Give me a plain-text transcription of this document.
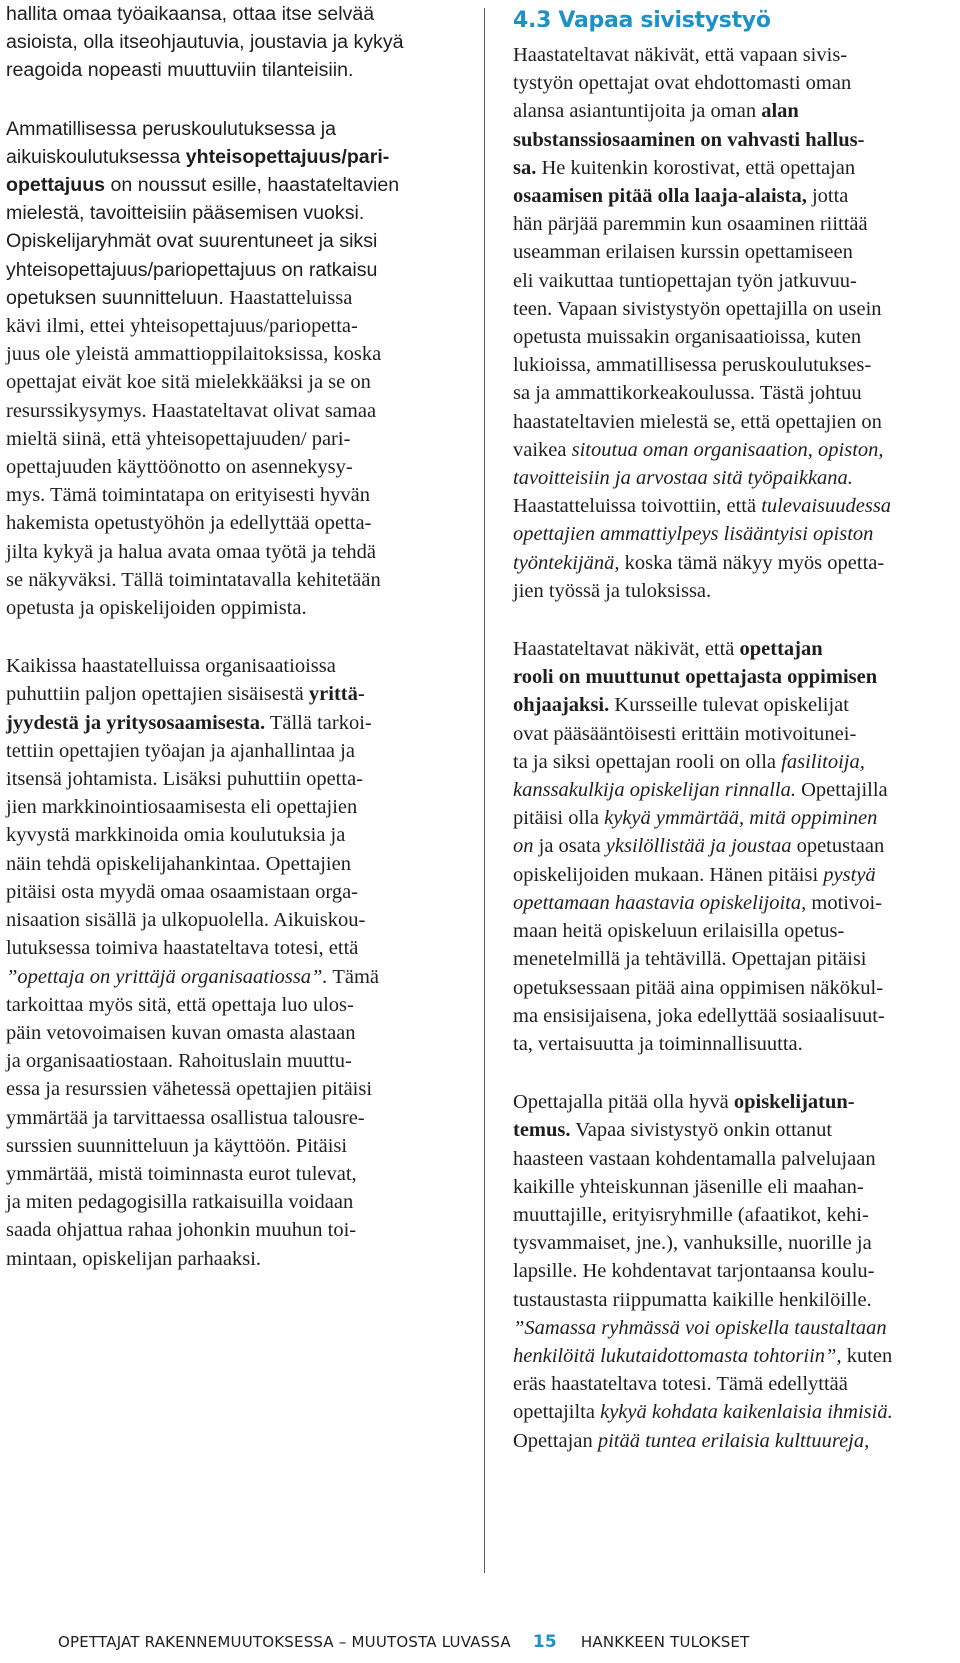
hallita omaa työaikaansa, ottaa itse selvää
asioista, olla itseohjautuvia, joustavia ja kykyä
reagoida nopeasti muuttuviin tilanteisiin.

Ammatillisessa peruskoulutuksessa ja
aikuiskoulutuksessa yhteisopettajuus/pari-
opettajuus on noussut esille, haastateltavien
mielestä, tavoitteisiin pääsemisen vuoksi.
Opiskelijaryhmät ovat suurentuneet ja siksi
yhteisopettajuus/pariopettajuus on ratkaisu
opetuksen suunnitteluun. Haastatteluissa
kävi ilmi, ettei yhteisopettajuus/pariopetta-
juus ole yleistä ammattioppilaitoksissa, koska
opettajat eivät koe sitä mielekkääksi ja se on
resurssikysymys. Haastateltavat olivat samaa
mieltä siinä, että yhteisopettajuuden/ pari-
opettajuuden käyttöönotto on asennekysy-
mys. Tämä toimintatapa on erityisesti hyvän
hakemista opetustyöhön ja edellyttää opetta-
jilta kykyä ja halua avata omaa työtä ja tehdä
se näkyväksi. Tällä toimintatavalla kehitetään
opetusta ja opiskelijoiden oppimista.

Kaikissa haastatelluissa organisaatioissa
puhuttiin paljon opettajien sisäisestä yrittä-
jyydestä ja yritysosaamisesta. Tällä tarkoi-
tettiin opettajien työajan ja ajanhallintaa ja
itsensä johtamista. Lisäksi puhuttiin opetta-
jien markkinointiosaamisesta eli opettajien
kyvystä markkinoida omia koulutuksia ja
näin tehdä opiskelijahankintaa. Opettajien
pitäisi osta myydä omaa osaamistaan orga-
nisaation sisällä ja ulkopuolella. Aikuiskou-
lutuksessa toimiva haastateltava totesi, että
”opettaja on yrittäjä organisaatiossa”. Tämä
tarkoittaa myös sitä, että opettaja luo ulos-
päin vetovoimaisen kuvan omasta alastaan
ja organisaatiostaan. Rahoituslain muuttu-
essa ja resurssien vähetessä opettajien pitäisi
ymmärtää ja tarvittaessa osallistua talousre-
surssien suunnitteluun ja käyttöön. Pitäisi
ymmärtää, mistä toiminnasta eurot tulevat,
ja miten pedagogisilla ratkaisuilla voidaan
saada ohjattua rahaa johonkin muuhun toi-
mintaan, opiskelijan parhaaksi.

4.3 Vapaa sivistystyö

Haastateltavat näkivät, että vapaan sivis-
tystyön opettajat ovat ehdottomasti oman
alansa asiantuntijoita ja oman alan
substanssiosaaminen on vahvasti hallus-
sa. He kuitenkin korostivat, että opettajan
osaamisen pitää olla laaja-alaista, jotta
hän pärjää paremmin kun osaaminen riittää
useamman erilaisen kurssin opettamiseen
eli vaikuttaa tuntiopettajan työn jatkuvuu-
teen. Vapaan sivistystyön opettajilla on usein
opetusta muissakin organisaatioissa, kuten
lukioissa, ammatillisessa peruskoulutukses-
sa ja ammattikorkeakoulussa. Tästä johtuu
haastateltavien mielestä se, että opettajien on
vaikea sitoutua oman organisaation, opiston,
tavoitteisiin ja arvostaa sitä työpaikkana.
Haastatteluissa toivottiin, että tulevaisuudessa
opettajien ammattiylpeys lisääntyisi opiston
työntekijänä, koska tämä näkyy myös opetta-
jien työssä ja tuloksissa.

Haastateltavat näkivät, että opettajan
rooli on muuttunut opettajasta oppimisen
ohjaajaksi. Kursseille tulevat opiskelijat
ovat pääsääntöisesti erittäin motivoitunei-
ta ja siksi opettajan rooli on olla fasilitoija,
kanssakulkija opiskelijan rinnalla. Opettajilla
pitäisi olla kykyä ymmärtää, mitä oppiminen
on ja osata yksilöllistää ja joustaa opetustaan
opiskelijoiden mukaan. Hänen pitäisi pystyä
opettamaan haastavia opiskelijoita, motivoi-
maan heitä opiskeluun erilaisilla opetus-
menetelmillä ja tehtävillä. Opettajan pitäisi
opetuksessaan pitää aina oppimisen näkökul-
ma ensisijaisena, joka edellyttää sosiaalisuut-
ta, vertaisuutta ja toiminnallisuutta.

Opettajalla pitää olla hyvä opiskelijatun-
temus. Vapaa sivistystyö onkin ottanut
haasteen vastaan kohdentamalla palvelujaan
kaikille yhteiskunnan jäsenille eli maahan-
muuttajille, erityisryhmille (afaatikot, kehi-
tysvammaiset, jne.), vanhuksille, nuorille ja
lapsille. He kohdentavat tarjontaansa koulu-
tustaustasta riippumatta kaikille henkilöille.
”Samassa ryhmässä voi opiskella taustaltaan
henkilöitä lukutaidottomasta tohtoriin”, kuten
eräs haastateltava totesi. Tämä edellyttää
opettajilta kykyä kohdata kaikenlaisia ihmisiä.
Opettajan pitää tuntea erilaisia kulttuureja,

OPETTAJAT RAKENNEMUUTOKSESSA – MUUTOSTA LUVASSA 15 HANKKEEN TULOKSET
